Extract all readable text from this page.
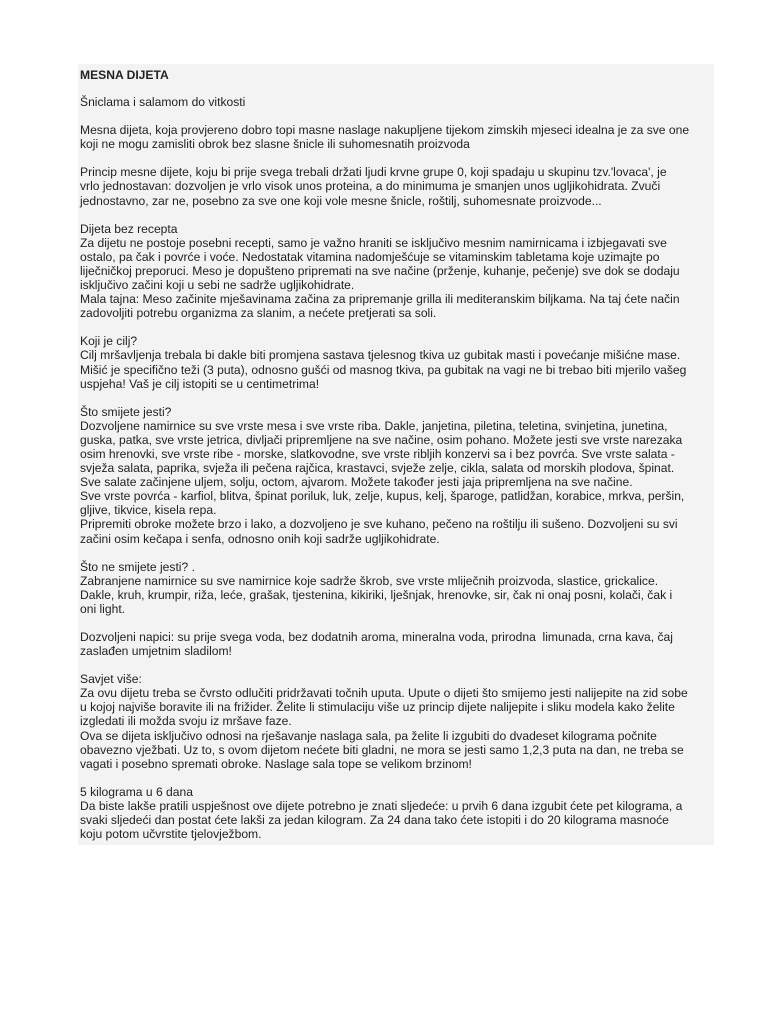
MESNA DIJETA
Šniclama i salamom do vitkosti
Mesna dijeta, koja provjereno dobro topi masne naslage nakupljene tijekom zimskih mjeseci idealna je za sve one
koji ne mogu zamisliti obrok bez slasne šnicle ili suhomesnatih proizvoda
Princip mesne dijete, koju bi prije svega trebali držati ljudi krvne grupe 0, koji spadaju u skupinu tzv.'lovaca', je
vrlo jednostavan: dozvoljen je vrlo visok unos proteina, a do minimuma je smanjen unos ugljikohidrata. Zvuči
jednostavno, zar ne, posebno za sve one koji vole mesne šnicle, roštilj, suhomesnate proizvode...
Dijeta bez recepta
Za dijetu ne postoje posebni recepti, samo je važno hraniti se isključivo mesnim namirnicama i izbjegavati sve
ostalo, pa čak i povrće i voće. Nedostatak vitamina nadomješćuje se vitaminskim tabletama koje uzimajte po
liječničkoj preporuci. Meso je dopušteno pripremati na sve načine (prženje, kuhanje, pečenje) sve dok se dodaju
isključivo začini koji u sebi ne sadrže ugljikohidrate.
Mala tajna: Meso začinite mješavinama začina za pripremanje grilla ili mediteranskim biljkama. Na taj ćete način
zadovoljiti potrebu organizma za slanim, a nećete pretjerati sa soli.
Koji je cilj?
Cilj mršavljenja trebala bi dakle biti promjena sastava tjelesnog tkiva uz gubitak masti i povećanje mišićne mase.
Mišić je specifično teži (3 puta), odnosno gušći od masnog tkiva, pa gubitak na vagi ne bi trebao biti mjerilo vašeg
uspjeha! Vaš je cilj istopiti se u centimetrima!
Što smijete jesti?
Dozvoljene namirnice su sve vrste mesa i sve vrste riba. Dakle, janjetina, piletina, teletina, svinjetina, junetina,
guska, patka, sve vrste jetrica, divljači pripremljene na sve načine, osim pohano. Možete jesti sve vrste narezaka
osim hrenovki, sve vrste ribe - morske, slatkovodne, sve vrste ribljih konzervi sa i bez povrća. Sve vrste salata -
svježa salata, paprika, svježa ili pečena rajčica, krastavci, svježe zelje, cikla, salata od morskih plodova, špinat.
Sve salate začinjene uljem, solju, octom, ajvarom. Možete također jesti jaja pripremljena na sve načine.
Sve vrste povrća - karfiol, blitva, špinat poriluk, luk, zelje, kupus, kelj, šparoge, patlidžan, korabice, mrkva, peršin,
gljive, tikvice, kisela repa.
Pripremiti obroke možete brzo i lako, a dozvoljeno je sve kuhano, pečeno na roštilju ili sušeno. Dozvoljeni su svi
začini osim kečapa i senfa, odnosno onih koji sadrže ugljikohidrate.
Što ne smijete jesti? .
Zabranjene namirnice su sve namirnice koje sadrže škrob, sve vrste mliječnih proizvoda, slastice, grickalice.
Dakle, kruh, krumpir, riža, leće, grašak, tjestenina, kikiriki, lješnjak, hrenovke, sir, čak ni onaj posni, kolači, čak i
oni light.
Dozvoljeni napici: su prije svega voda, bez dodatnih aroma, mineralna voda, prirodna  limunada, crna kava, čaj
zaslađen umjetnim sladilom!
Savjet više:
Za ovu dijetu treba se čvrsto odlučiti pridržavati točnih uputa. Upute o dijeti što smijemo jesti nalijepite na zid sobe
u kojoj najviše boravite ili na frižider. Želite li stimulaciju više uz princip dijete nalijepite i sliku modela kako želite
izgledati ili možda svoju iz mršave faze.
Ova se dijeta isključivo odnosi na rješavanje naslaga sala, pa želite li izgubiti do dvadeset kilograma počnite
obavezno vježbati. Uz to, s ovom dijetom nećete biti gladni, ne mora se jesti samo 1,2,3 puta na dan, ne treba se
vagati i posebno spremati obroke. Naslage sala tope se velikom brzinom!
5 kilograma u 6 dana
Da biste lakše pratili uspješnost ove dijete potrebno je znati sljedeće: u prvih 6 dana izgubit ćete pet kilograma, a
svaki sljedeći dan postat ćete lakši za jedan kilogram. Za 24 dana tako ćete istopiti i do 20 kilograma masnoće
koju potom učvrstite tjelovježbom.
